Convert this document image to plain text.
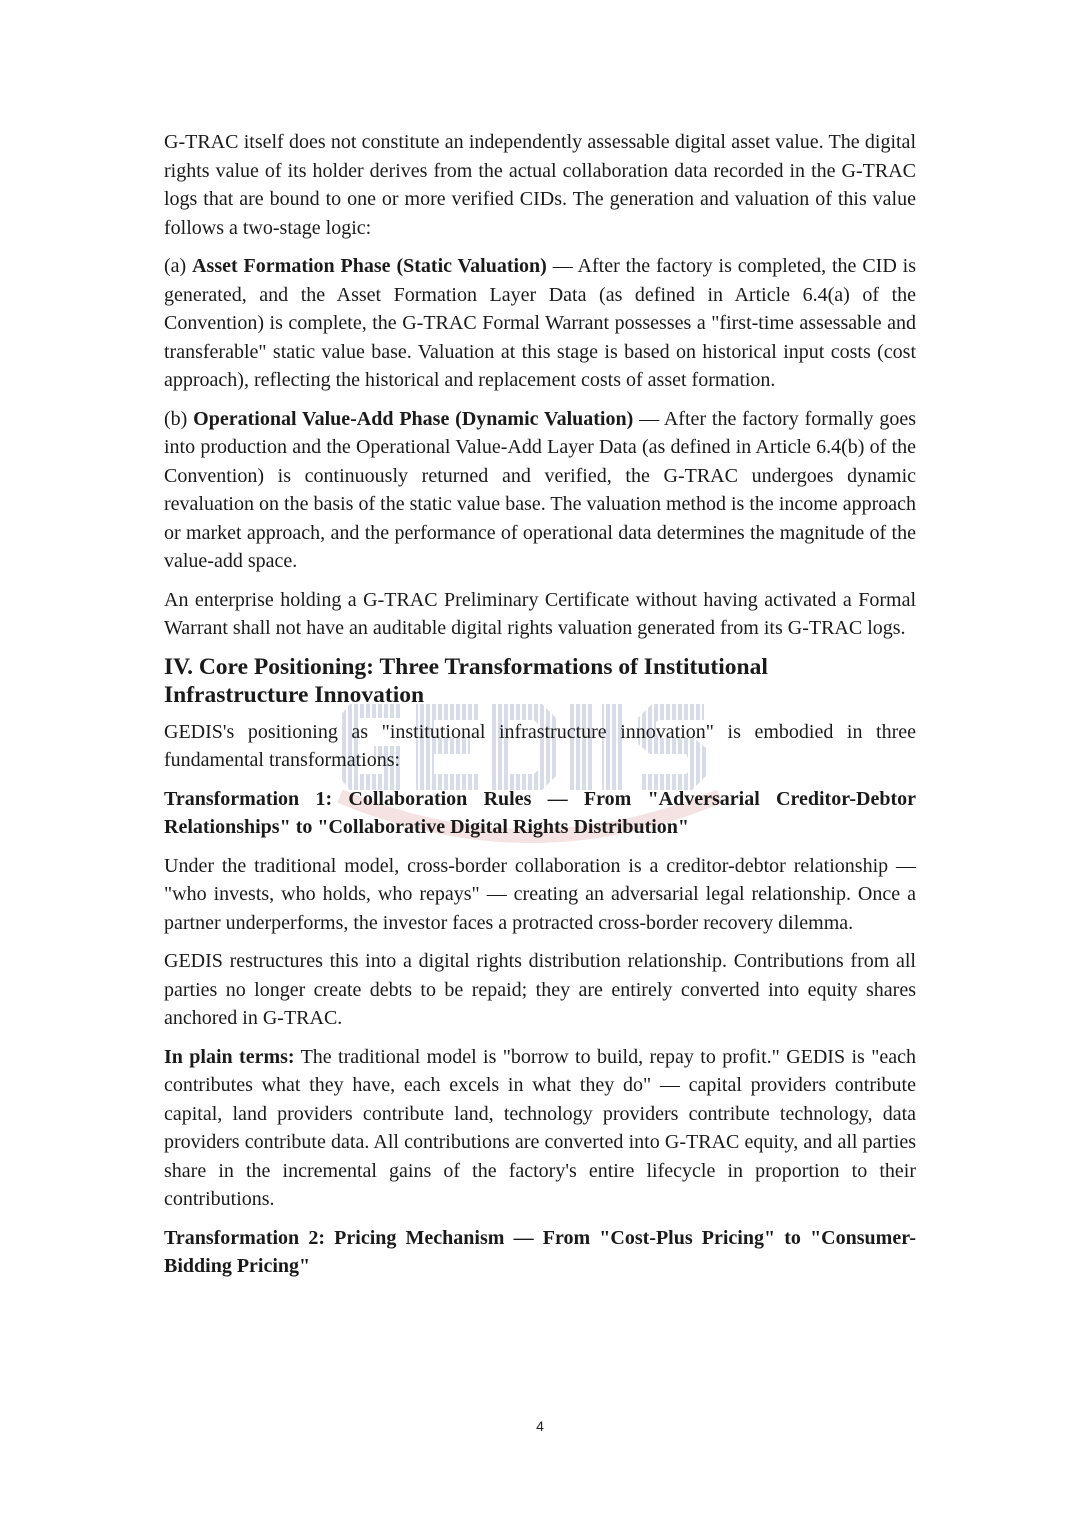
G-TRAC itself does not constitute an independently assessable digital asset value. The digital rights value of its holder derives from the actual collaboration data recorded in the G-TRAC logs that are bound to one or more verified CIDs. The generation and valuation of this value follows a two-stage logic:

(a) Asset Formation Phase (Static Valuation) — After the factory is completed, the CID is generated, and the Asset Formation Layer Data (as defined in Article 6.4(a) of the Convention) is complete, the G-TRAC Formal Warrant possesses a "first-time assessable and transferable" static value base. Valuation at this stage is based on historical input costs (cost approach), reflecting the historical and replacement costs of asset formation.

(b) Operational Value-Add Phase (Dynamic Valuation) — After the factory formally goes into production and the Operational Value-Add Layer Data (as defined in Article 6.4(b) of the Convention) is continuously returned and verified, the G-TRAC undergoes dynamic revaluation on the basis of the static value base. The valuation method is the income approach or market approach, and the performance of operational data determines the magnitude of the value-add space.

An enterprise holding a G-TRAC Preliminary Certificate without having activated a Formal Warrant shall not have an auditable digital rights valuation generated from its G-TRAC logs.

IV. Core Positioning: Three Transformations of Institutional Infrastructure Innovation

GEDIS's positioning as "institutional infrastructure innovation" is embodied in three fundamental transformations:

Transformation 1: Collaboration Rules — From "Adversarial Creditor-Debtor Relationships" to "Collaborative Digital Rights Distribution"

Under the traditional model, cross-border collaboration is a creditor-debtor relationship — "who invests, who holds, who repays" — creating an adversarial legal relationship. Once a partner underperforms, the investor faces a protracted cross-border recovery dilemma.

GEDIS restructures this into a digital rights distribution relationship. Contributions from all parties no longer create debts to be repaid; they are entirely converted into equity shares anchored in G-TRAC.

In plain terms: The traditional model is "borrow to build, repay to profit." GEDIS is "each contributes what they have, each excels in what they do" — capital providers contribute capital, land providers contribute land, technology providers contribute technology, data providers contribute data. All contributions are converted into G-TRAC equity, and all parties share in the incremental gains of the factory's entire lifecycle in proportion to their contributions.

Transformation 2: Pricing Mechanism — From "Cost-Plus Pricing" to "Consumer-Bidding Pricing"

4
